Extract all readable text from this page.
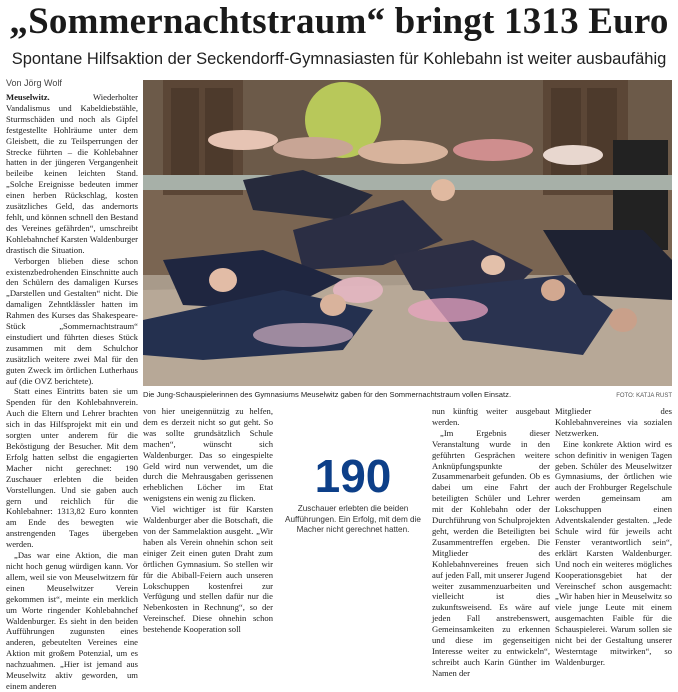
„Sommernachtstraum“ bringt 1313 Euro
Spontane Hilfsaktion der Seckendorff-Gymnasiasten für Kohlebahn ist weiter ausbaufähig
Von Jörg Wolf

Meuselwitz.	Wiederholter Vandalismus und Kabeldiebstähle, Sturmschäden und noch als Gipfel festgestellte Hohlräume unter dem Gleisbett, die zu Teilsperrungen der Strecke führten – die Kohlebahner hatten in der jüngeren Vergangenheit beileibe keinen leichten Stand. „Solche Ereignisse bedeuten immer einen herben Rückschlag, kosten zusätzliches Geld, das andernorts fehlt, und können schnell den Bestand des Vereines gefährden“, umschreibt Kohlebahnchef Karsten Waldenburger drastisch die Situation.

Verborgen blieben diese schon existenzbedrohenden Einschnitte auch den Schülern des damaligen Kurses „Darstellen und Gestalten“ nicht. Die damaligen Zehntklässler hatten im Rahmen des Kurses das Shakespeare-Stück „Sommernachtstraum“ einstudiert und führten dieses Stück zusammen mit dem Schulchor zusätzlich weitere zwei Mal für den guten Zweck im örtlichen Lutherhaus auf (die OVZ berichtete).

Statt eines Eintritts baten sie um Spenden für den Kohlebahnverein. Auch die Eltern und Lehrer brachten sich in das Hilfsprojekt mit ein und sorgten unter anderem für die Beköstigung der Besucher. Mit dem Erfolg hatten selbst die engagierten Macher nicht gerechnet: 190 Zuschauer erlebten die beiden Vorstellungen. Und sie gaben auch gern und reichlich für die Kohlebahner: 1313,82 Euro konnten am Ende des bewegten wie anstrengenden Tages übergeben werden.

„Das war eine Aktion, die man nicht hoch genug würdigen kann. Vor allem, weil sie von Meuselwitzern für einen Meuselwitzer Verein gekommen ist“, meinte ein merklich um Worte ringender Kohlebahnchef Waldenburger. Es sieht in den beiden Aufführungen zugunsten eines anderen, gebeutelten Vereines eine Aktion mit großem Potenzial, um es nachzuahmen. „Hier ist jemand aus Meuselwitz aktiv geworden, um einem anderen

Die Jung-Schauspielerinnen des Gymnasiums Meuselwitz gaben für den Sommernachtstraum vollen Einsatz.	FOTO: KATJA RUST

von hier uneigennützig zu helfen, dem es derzeit nicht so gut geht. So was sollte grundsätzlich Schule machen“, wünscht sich Waldenburger. Das so eingespielte Geld wird nun verwendet, um die durch die Mehrausgaben gerissenen erheblichen Löcher im Etat wenigstens ein wenig zu flicken.

Viel wichtiger ist für Karsten Waldenburger aber die Botschaft, die von der Sammelaktion ausgeht. „Wir haben als Verein ohnehin schon seit einiger Zeit einen guten Draht zum örtlichen Gymnasium. So stellen wir für die Abiball-Feiern auch unseren Lokschuppen kostenfrei zur Verfügung und stellen dafür nur die Nebenkosten in Rechnung“, so der Vereinschef. Diese ohnehin schon bestehende Kooperation soll

190
Zuschauer erlebten die beiden Aufführungen. Ein Erfolg, mit dem die Macher nicht gerechnet hatten.

nun künftig weiter ausgebaut werden.

„Im Ergebnis dieser Veranstaltung wurde in den geführten Gesprächen weitere Anknüpfungspunkte der Zusammenarbeit gefunden. Ob es dabei um eine Fahrt der beteiligten Schüler und Lehrer mit der Kohlebahn oder der Durchführung von Schulprojekten geht, werden die Beteiligten bei Zusammentreffen ergeben. Die Mitglieder des Kohlebahnvereines freuen sich auf jeden Fall, mit unserer Jugend weiter zusammenzuarbeiten und vielleicht ist dies zukunftsweisend. Es wäre auf jeden Fall anstrebenswert, Gemeinsamkeiten zu erkennen und diese im gegenseitigen Interesse weiter zu entwickeln“, schreibt auch Karin Günther im Namen der

Mitglieder des Kohlebahnvereines via sozialen Netzwerken.

Eine konkrete Aktion wird es schon definitiv in wenigen Tagen geben. Schüler des Meuselwitzer Gymnasiums, der örtlichen wie auch der Frohburger Regelschule werden gemeinsam am Lokschuppen einen Adventskalender gestalten. „Jede Schule wird für jeweils acht Fenster verantwortlich sein“, erklärt Karsten Waldenburger. Und noch ein weiteres mögliches Kooperationsgebiet hat der Vereinschef schon ausgemacht: „Wir haben hier in Meuselwitz so viele junge Leute mit einem ausgemachten Faible für die Schauspielerei. Warum sollen sie nicht bei der Gestaltung unserer Westerntage mitwirken“, so Waldenburger.
